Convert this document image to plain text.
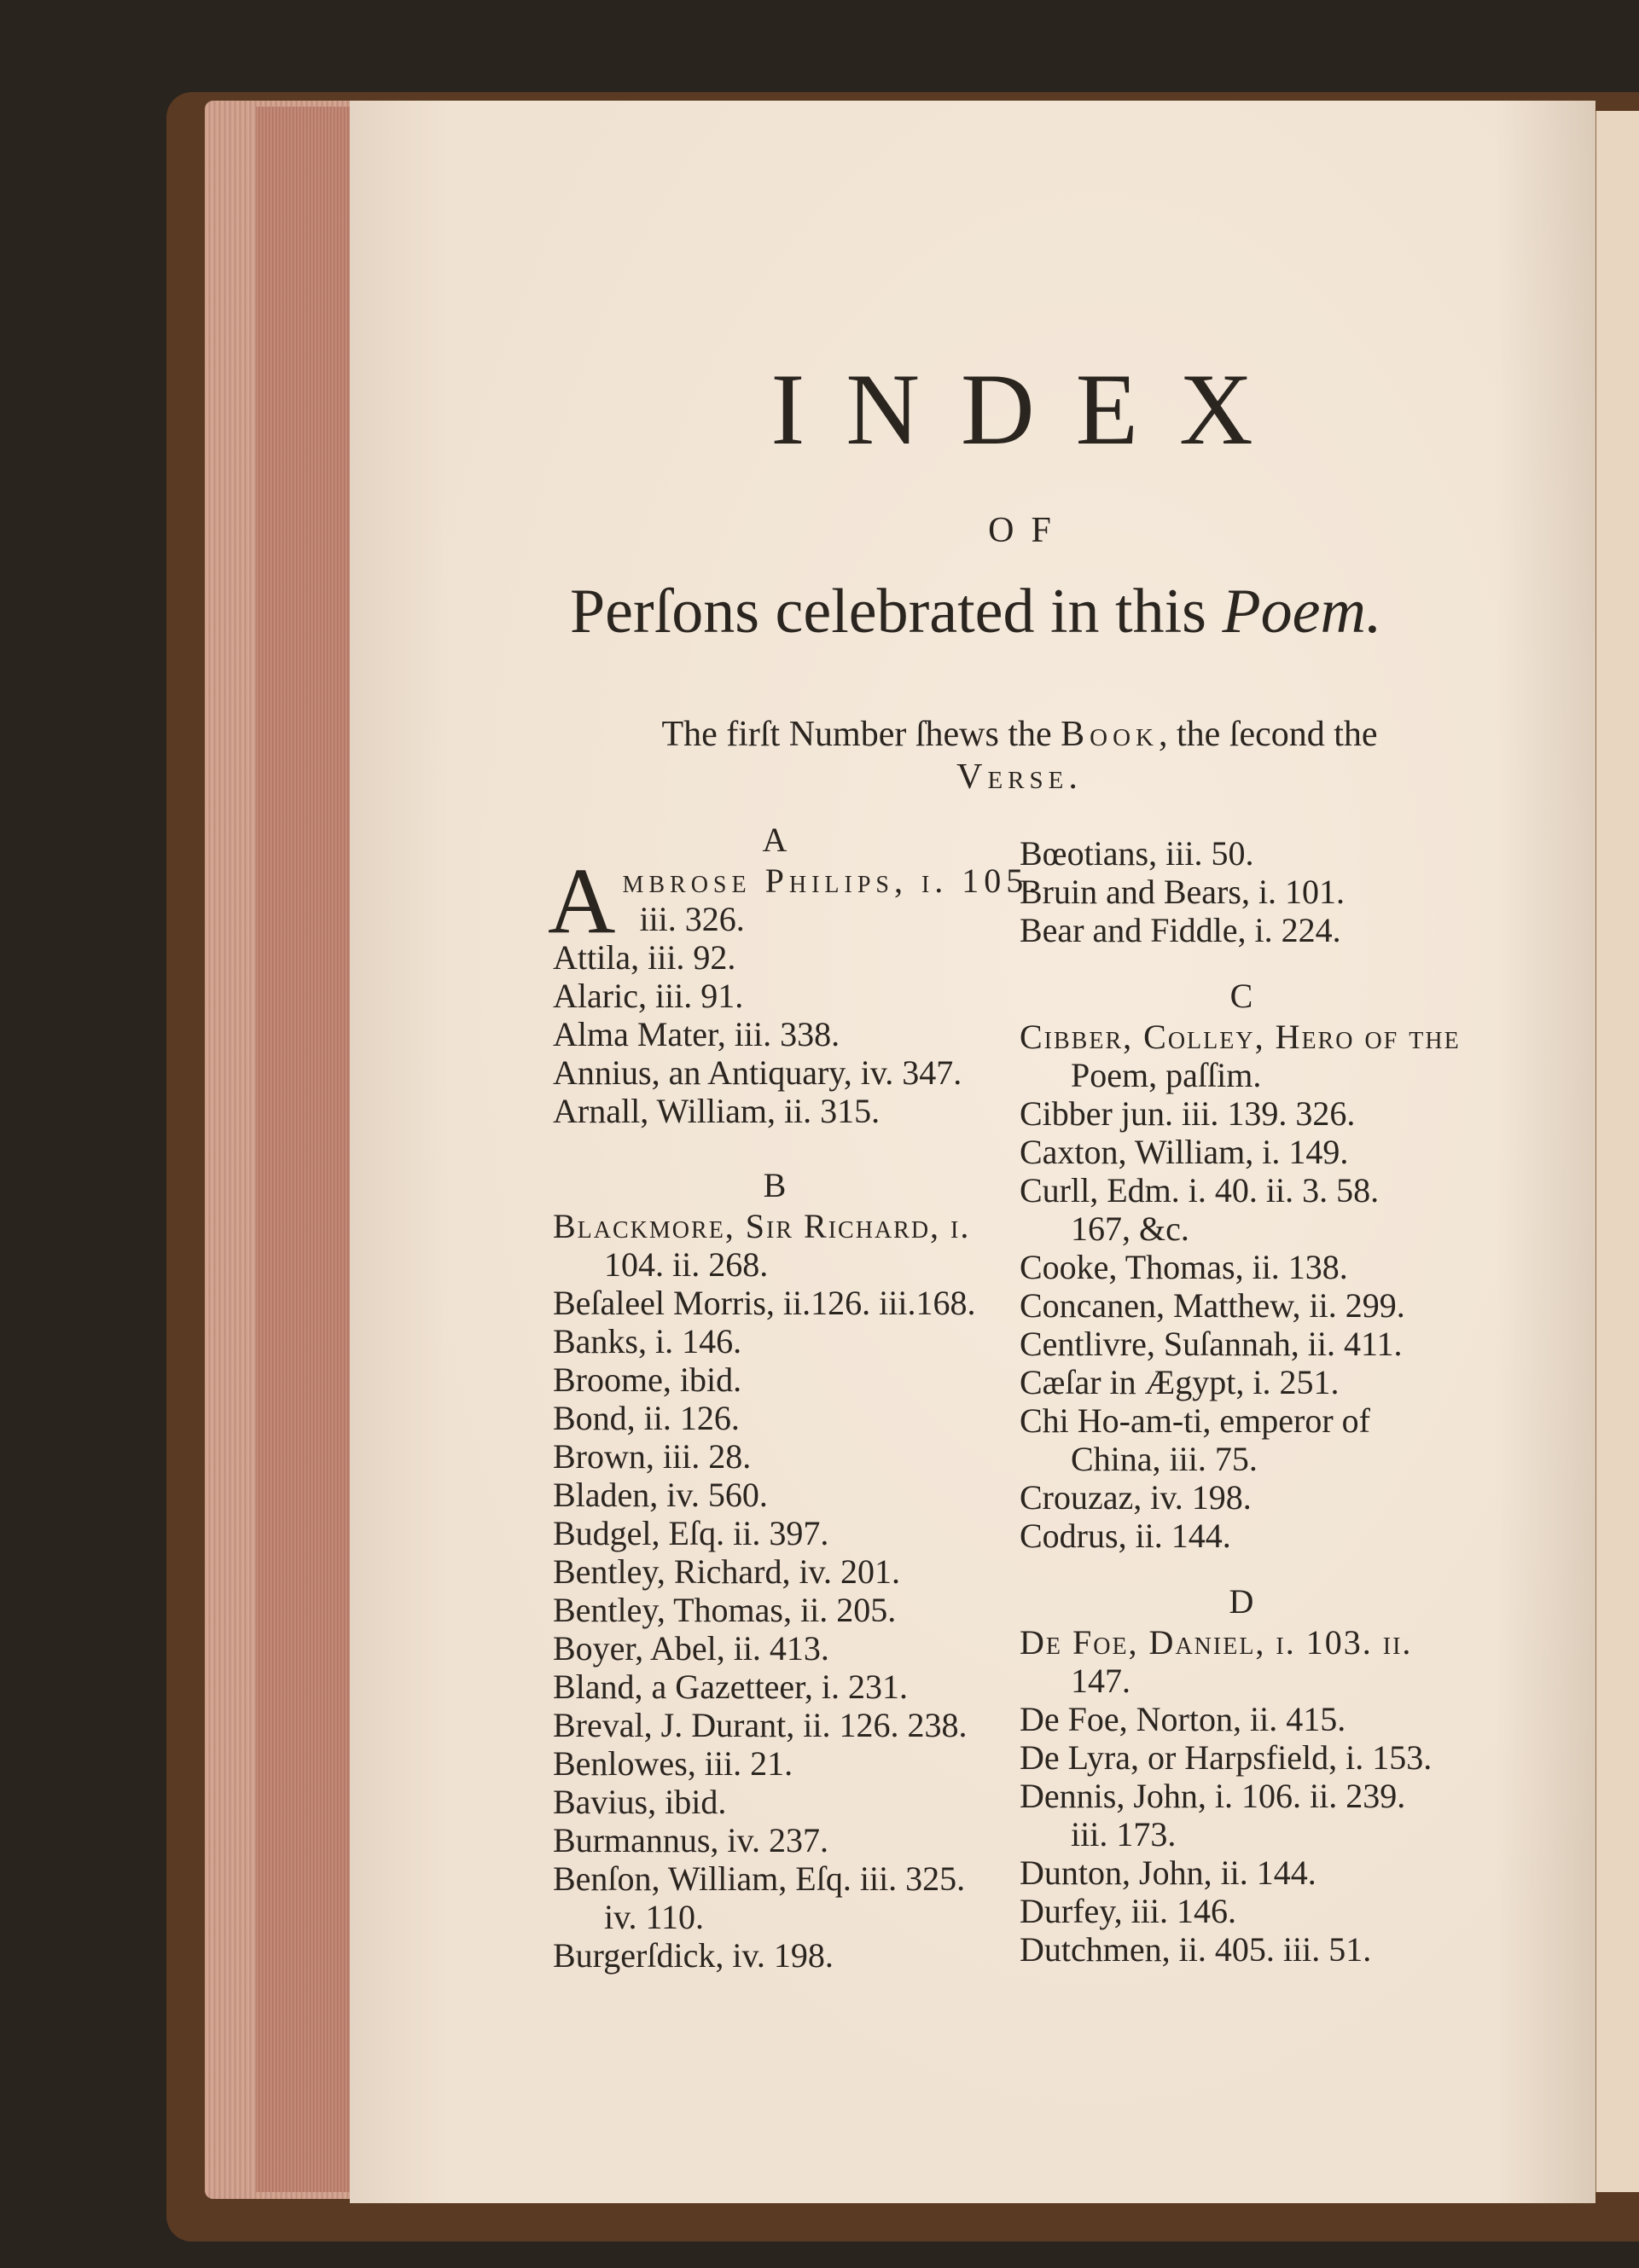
INDEX
OF
Perſons celebrated in this Poem.
The firſt Number ſhews the Book, the ſecond the
Verse.
A
A mbrose Philips, i. 105.
iii. 326.
Attila, iii. 92.
Alaric, iii. 91.
Alma Mater, iii. 338.
Annius, an Antiquary, iv. 347.
Arnall, William, ii. 315.
B
Blackmore, Sir Richard, i.
104. ii. 268.
Beſaleel Morris, ii.126. iii.168.
Banks, i. 146.
Broome, ibid.
Bond, ii. 126.
Brown, iii. 28.
Bladen, iv. 560.
Budgel, Eſq. ii. 397.
Bentley, Richard, iv. 201.
Bentley, Thomas, ii. 205.
Boyer, Abel, ii. 413.
Bland, a Gazetteer, i. 231.
Breval, J. Durant, ii. 126. 238.
Benlowes, iii. 21.
Bavius, ibid.
Burmannus, iv. 237.
Benſon, William, Eſq. iii. 325.
iv. 110.
Burgerſdick, iv. 198.
Bœotians, iii. 50.
Bruin and Bears, i. 101.
Bear and Fiddle, i. 224.
C
Cibber, Colley, Hero of the
Poem, paſſim.
Cibber jun. iii. 139. 326.
Caxton, William, i. 149.
Curll, Edm. i. 40. ii. 3. 58.
167, &c.
Cooke, Thomas, ii. 138.
Concanen, Matthew, ii. 299.
Centlivre, Suſannah, ii. 411.
Cæſar in Ægypt, i. 251.
Chi Ho-am-ti, emperor of
China, iii. 75.
Crouzaz, iv. 198.
Codrus, ii. 144.
D
De Foe, Daniel, i. 103. ii.
147.
De Foe, Norton, ii. 415.
De Lyra, or Harpsfield, i. 153.
Dennis, John, i. 106. ii. 239.
iii. 173.
Dunton, John, ii. 144.
Durfey, iii. 146.
Dutchmen, ii. 405. iii. 51.
